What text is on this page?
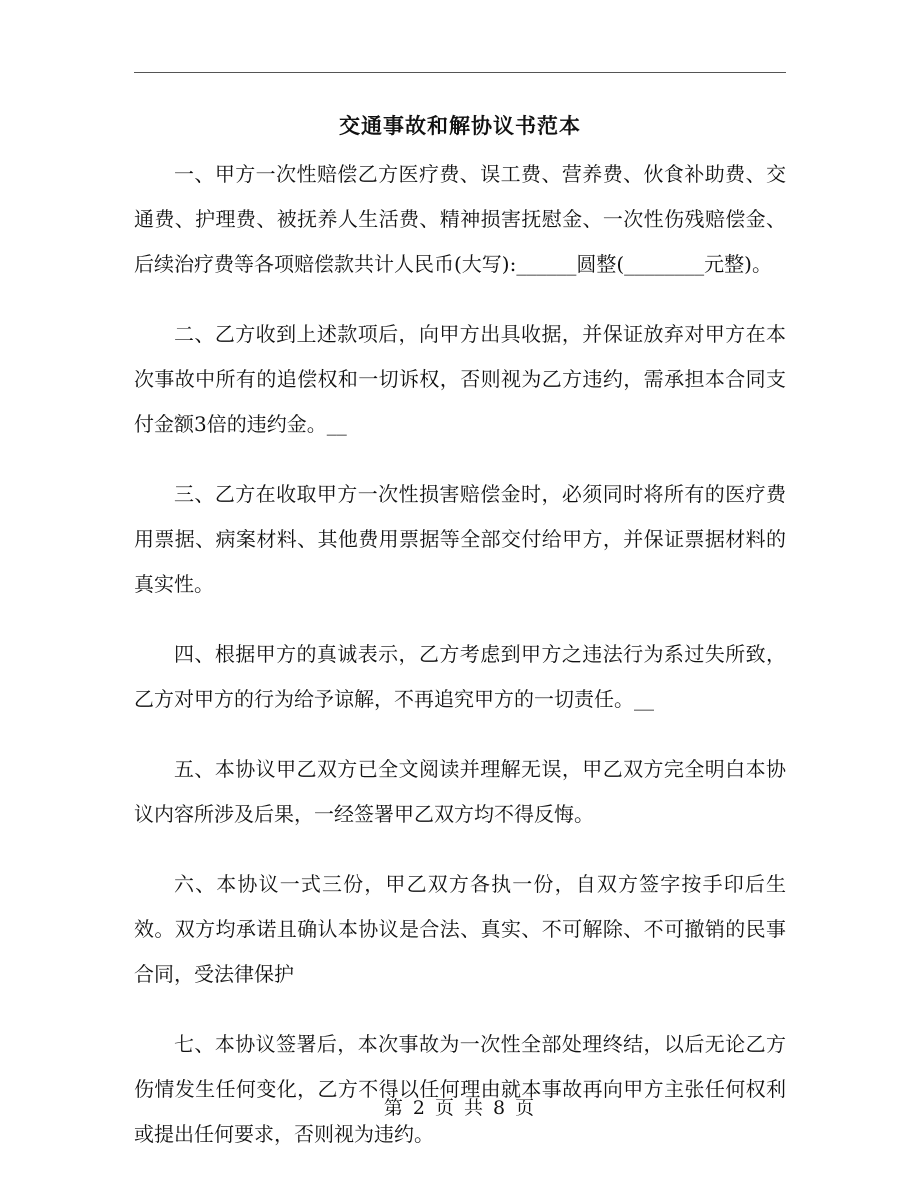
交通事故和解协议书范本

一、甲方一次性赔偿乙方医疗费、误工费、营养费、伙食补助费、交通费、护理费、被抚养人生活费、精神损害抚慰金、一次性伤残赔偿金、后续治疗费等各项赔偿款共计人民币(大写):______圆整(________元整)。

二、乙方收到上述款项后，向甲方出具收据，并保证放弃对甲方在本次事故中所有的追偿权和一切诉权，否则视为乙方违约，需承担本合同支付金额3倍的违约金。__

三、乙方在收取甲方一次性损害赔偿金时，必须同时将所有的医疗费用票据、病案材料、其他费用票据等全部交付给甲方，并保证票据材料的真实性。

四、根据甲方的真诚表示，乙方考虑到甲方之违法行为系过失所致，乙方对甲方的行为给予谅解，不再追究甲方的一切责任。__

五、本协议甲乙双方已全文阅读并理解无误，甲乙双方完全明白本协议内容所涉及后果，一经签署甲乙双方均不得反悔。

六、本协议一式三份，甲乙双方各执一份，自双方签字按手印后生效。双方均承诺且确认本协议是合法、真实、不可解除、不可撤销的民事合同，受法律保护

七、本协议签署后，本次事故为一次性全部处理终结，以后无论乙方伤情发生任何变化，乙方不得以任何理由就本事故再向甲方主张任何权利或提出任何要求，否则视为违约。

第 2 页 共 8 页
